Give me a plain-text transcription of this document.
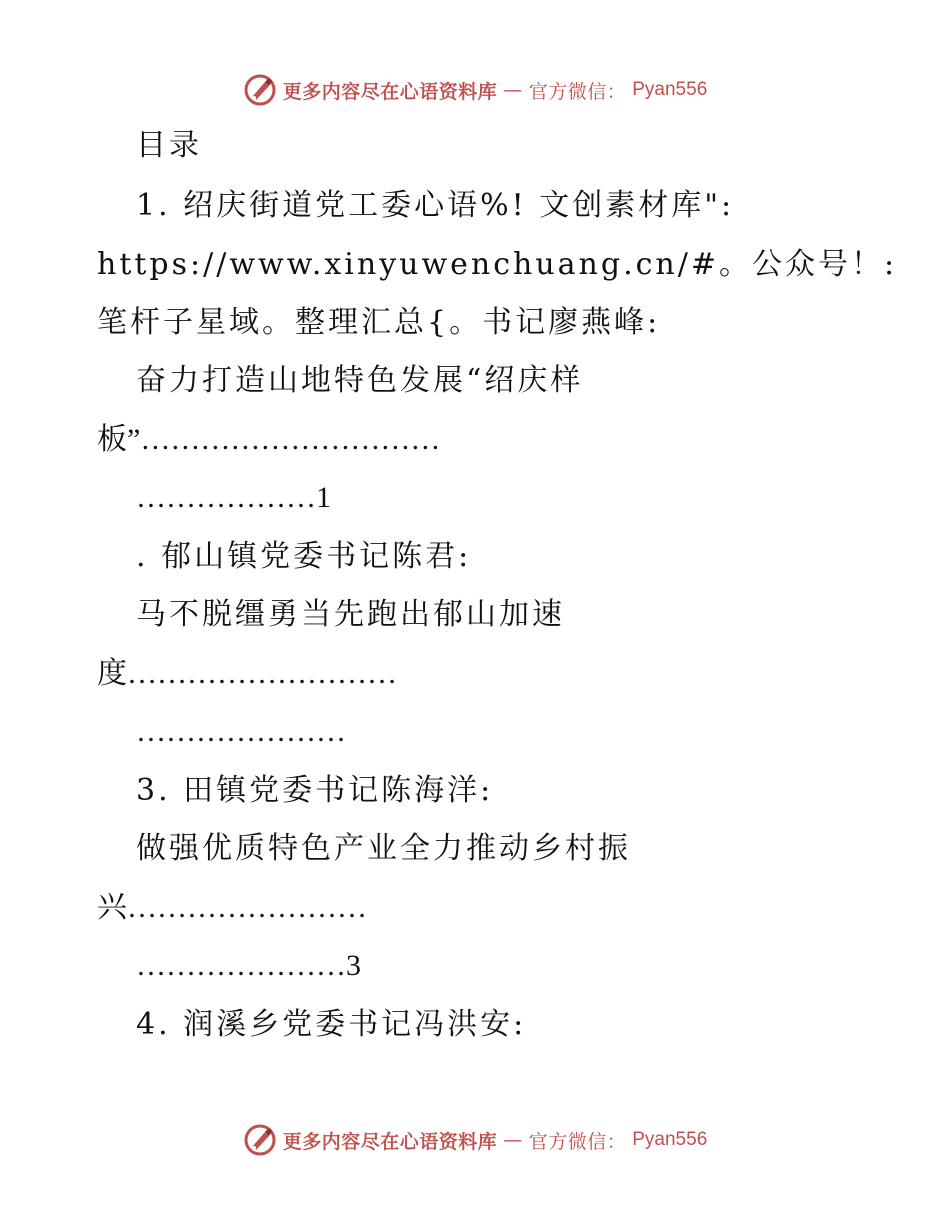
更多内容尽在心语资料库 — 官方微信： Pyan556
目录
1. 绍庆街道党工委心语%! 文创素材库":
https://www.xinyuwenchuang.cn/#。公众号！:
笔杆子星域。整理汇总{。书记廖燕峰:
奋力打造山地特色发展“绍庆样
板”…………………………
………………1
. 郁山镇党委书记陈君:
马不脱缰勇当先跑出郁山加速
度………………………
…………………
3. 田镇党委书记陈海洋:
做强优质特色产业全力推动乡村振
兴……………………
…………………3
4. 润溪乡党委书记冯洪安:
更多内容尽在心语资料库 — 官方微信： Pyan556
